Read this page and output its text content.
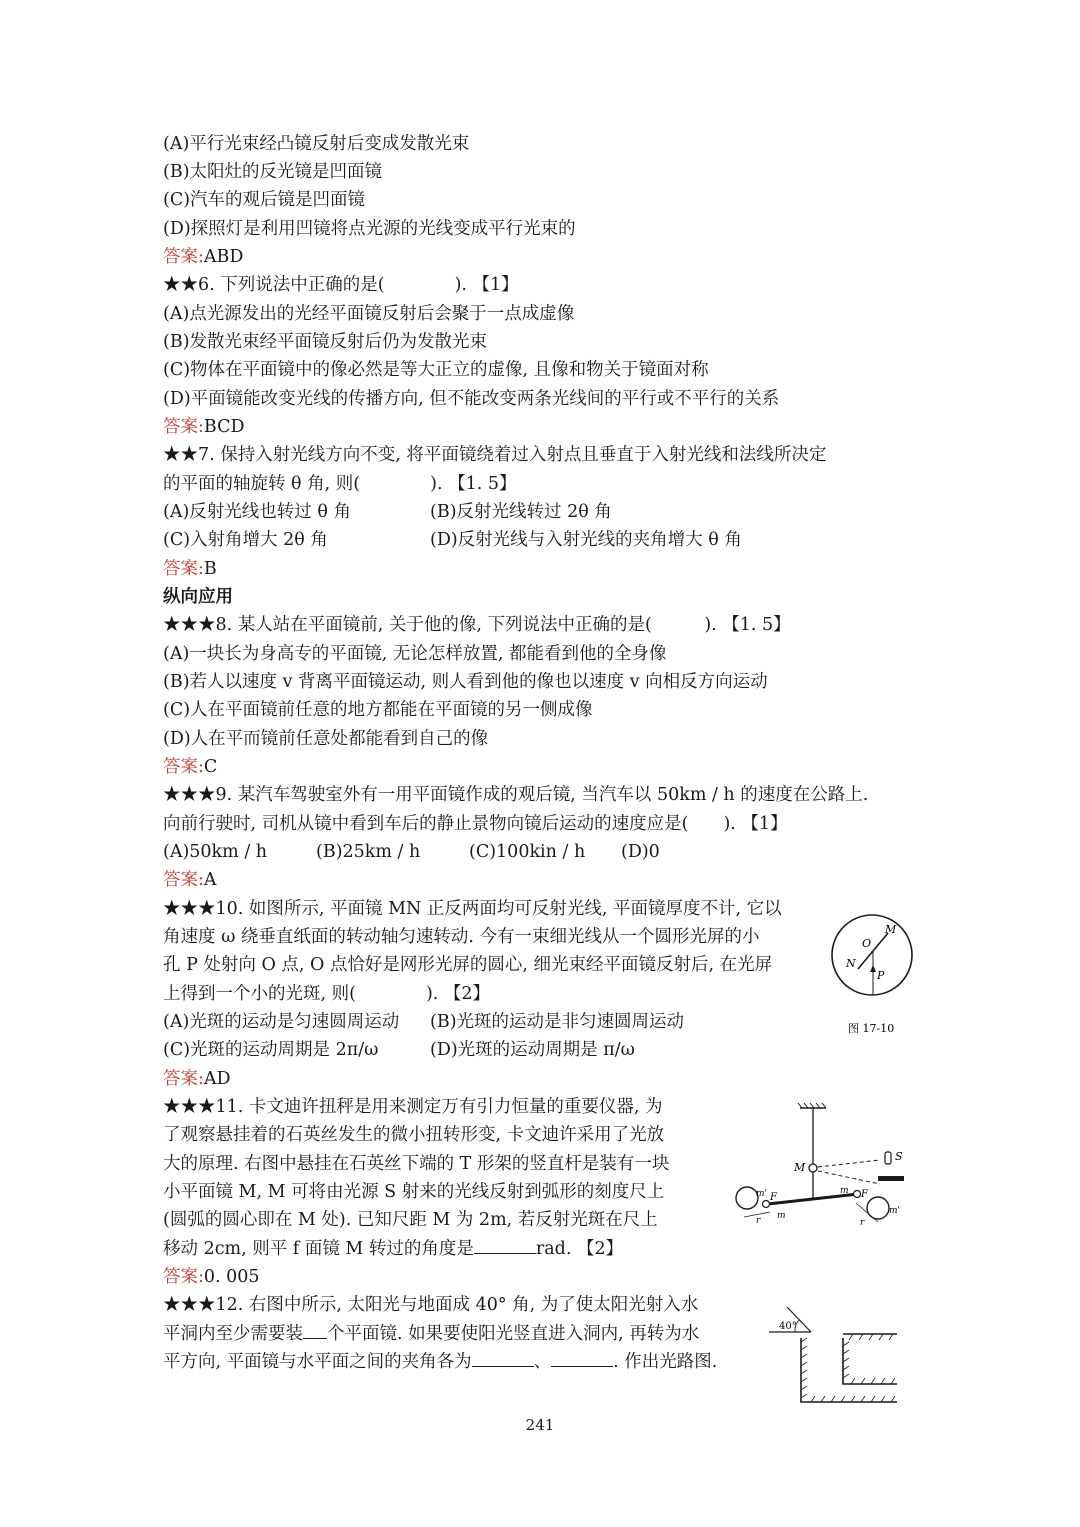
(A)平行光束经凸镜反射后变成发散光束
(B)太阳灶的反光镜是凹面镜
(C)汽车的观后镜是凹面镜
(D)探照灯是利用凹镜将点光源的光线变成平行光束的
答案:ABD
★★6. 下列说法中正确的是(　　　　). 【1】
(A)点光源发出的光经平面镜反射后会聚于一点成虚像
(B)发散光束经平面镜反射后仍为发散光束
(C)物体在平面镜中的像必然是等大正立的虚像, 且像和物关于镜面对称
(D)平面镜能改变光线的传播方向, 但不能改变两条光线间的平行或不平行的关系
答案:BCD
★★7. 保持入射光线方向不变, 将平面镜绕着过入射点且垂直于入射光线和法线所决定
的平面的轴旋转 θ 角, 则(　　　　). 【1. 5】
(A)反射光线也转过 θ 角	(B)反射光线转过 2θ 角
(C)入射角增大 2θ 角	(D)反射光线与入射光线的夹角增大 θ 角
答案:B
纵向应用
★★★8. 某人站在平面镜前, 关于他的像, 下列说法中正确的是(　　　). 【1. 5】
(A)一块长为身高专的平面镜, 无论怎样放置, 都能看到他的全身像
(B)若人以速度 v 背离平面镜运动, 则人看到他的像也以速度 v 向相反方向运动
(C)人在平面镜前任意的地方都能在平面镜的另一侧成像
(D)人在平而镜前任意处都能看到自己的像
答案:C
★★★9. 某汽车驾驶室外有一用平面镜作成的观后镜, 当汽车以 50km / h 的速度在公路上.
向前行驶时, 司机从镜中看到车后的静止景物向镜后运动的速度应是(　　). 【1】
(A)50km / h	(B)25km / h	(C)100kin / h (D)0
答案:A
★★★10. 如图所示, 平面镜 MN 正反两面均可反射光线, 平面镜厚度不计, 它以
角速度 ω 绕垂直纸面的转动轴匀速转动. 今有一束细光线从一个圆形光屏的小
孔 P 处射向 O 点, O 点恰好是网形光屏的圆心, 细光束经平面镜反射后, 在光屏
上得到一个小的光斑, 则(　　　　). 【2】
(A)光斑的运动是匀速圆周运动 (B)光斑的运动是非匀速圆周运动
(C)光斑的运动周期是 2π/ω	(D)光斑的运动周期是 π/ω
答案:AD
★★★11. 卡文迪许扭秤是用来测定万有引力恒量的重要仪器, 为
了观察悬挂着的石英丝发生的微小扭转形变, 卡文迪许采用了光放
大的原理. 右图中悬挂在石英丝下端的 T 形架的竖直杆是装有一块
小平面镜 M, M 可将由光源 S 射来的光线反射到弧形的刻度尺上
(圆弧的圆心即在 M 处). 已知尺距 M 为 2m, 若反射光斑在尺上
移动 2cm, 则平 f 面镜 M 转过的角度是	rad. 【2】
答案:0. 005
★★★12. 右图中所示, 太阳光与地面成 40° 角, 为了使太阳光射入水
平洞内至少需要装 个平面镜. 如果要使阳光竖直进入洞内, 再转为水
平方向, 平面镜与水平面之间的夹角各为	、	. 作出光路图.
O
M
N
P
图 17-10
M
S
m' F
r m
m F
r
m'
40°
241
